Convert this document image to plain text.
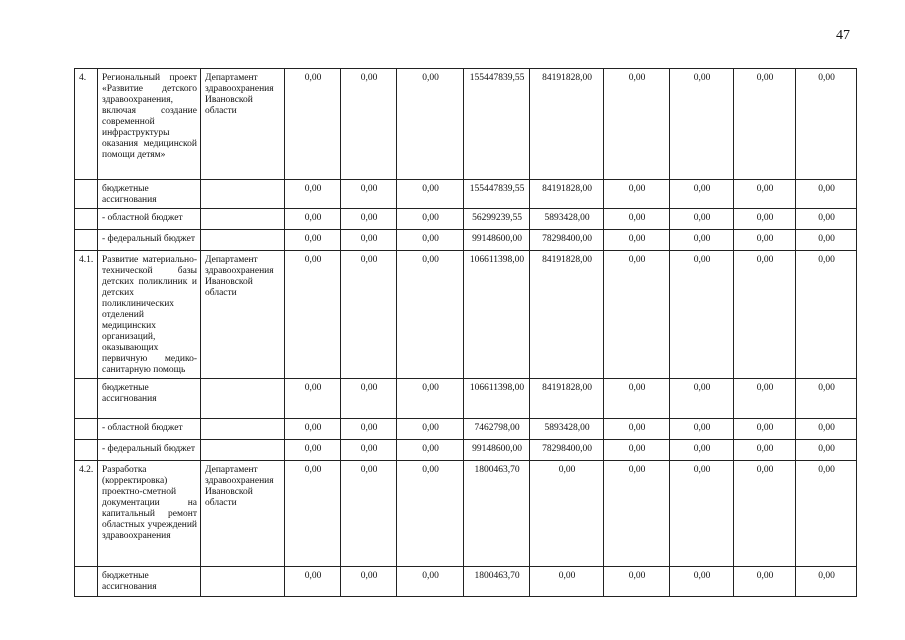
47
4.	Региональный проект «Развитие детского здравоохранения, включая создание современной инфраструктуры оказания медицинской помощи детям»	Департамент здравоохранения Ивановской области	0,00	0,00	0,00	155447839,55	84191828,00	0,00	0,00	0,00	0,00
	бюджетные ассигнования		0,00	0,00	0,00	155447839,55	84191828,00	0,00	0,00	0,00	0,00
	- областной бюджет		0,00	0,00	0,00	56299239,55	5893428,00	0,00	0,00	0,00	0,00
	- федеральный бюджет		0,00	0,00	0,00	99148600,00	78298400,00	0,00	0,00	0,00	0,00
4.1.	Развитие материально-технической базы детских поликлиник и детских поликлинических отделений медицинских организаций, оказывающих первичную медико-санитарную помощь	Департамент здравоохранения Ивановской области	0,00	0,00	0,00	106611398,00	84191828,00	0,00	0,00	0,00	0,00
	бюджетные ассигнования		0,00	0,00	0,00	106611398,00	84191828,00	0,00	0,00	0,00	0,00
	- областной бюджет		0,00	0,00	0,00	7462798,00	5893428,00	0,00	0,00	0,00	0,00
	- федеральный бюджет		0,00	0,00	0,00	99148600,00	78298400,00	0,00	0,00	0,00	0,00
4.2.	Разработка (корректировка) проектно-сметной документации на капитальный ремонт областных учреждений здравоохранения	Департамент здравоохранения Ивановской области	0,00	0,00	0,00	1800463,70	0,00	0,00	0,00	0,00	0,00
	бюджетные ассигнования		0,00	0,00	0,00	1800463,70	0,00	0,00	0,00	0,00	0,00
